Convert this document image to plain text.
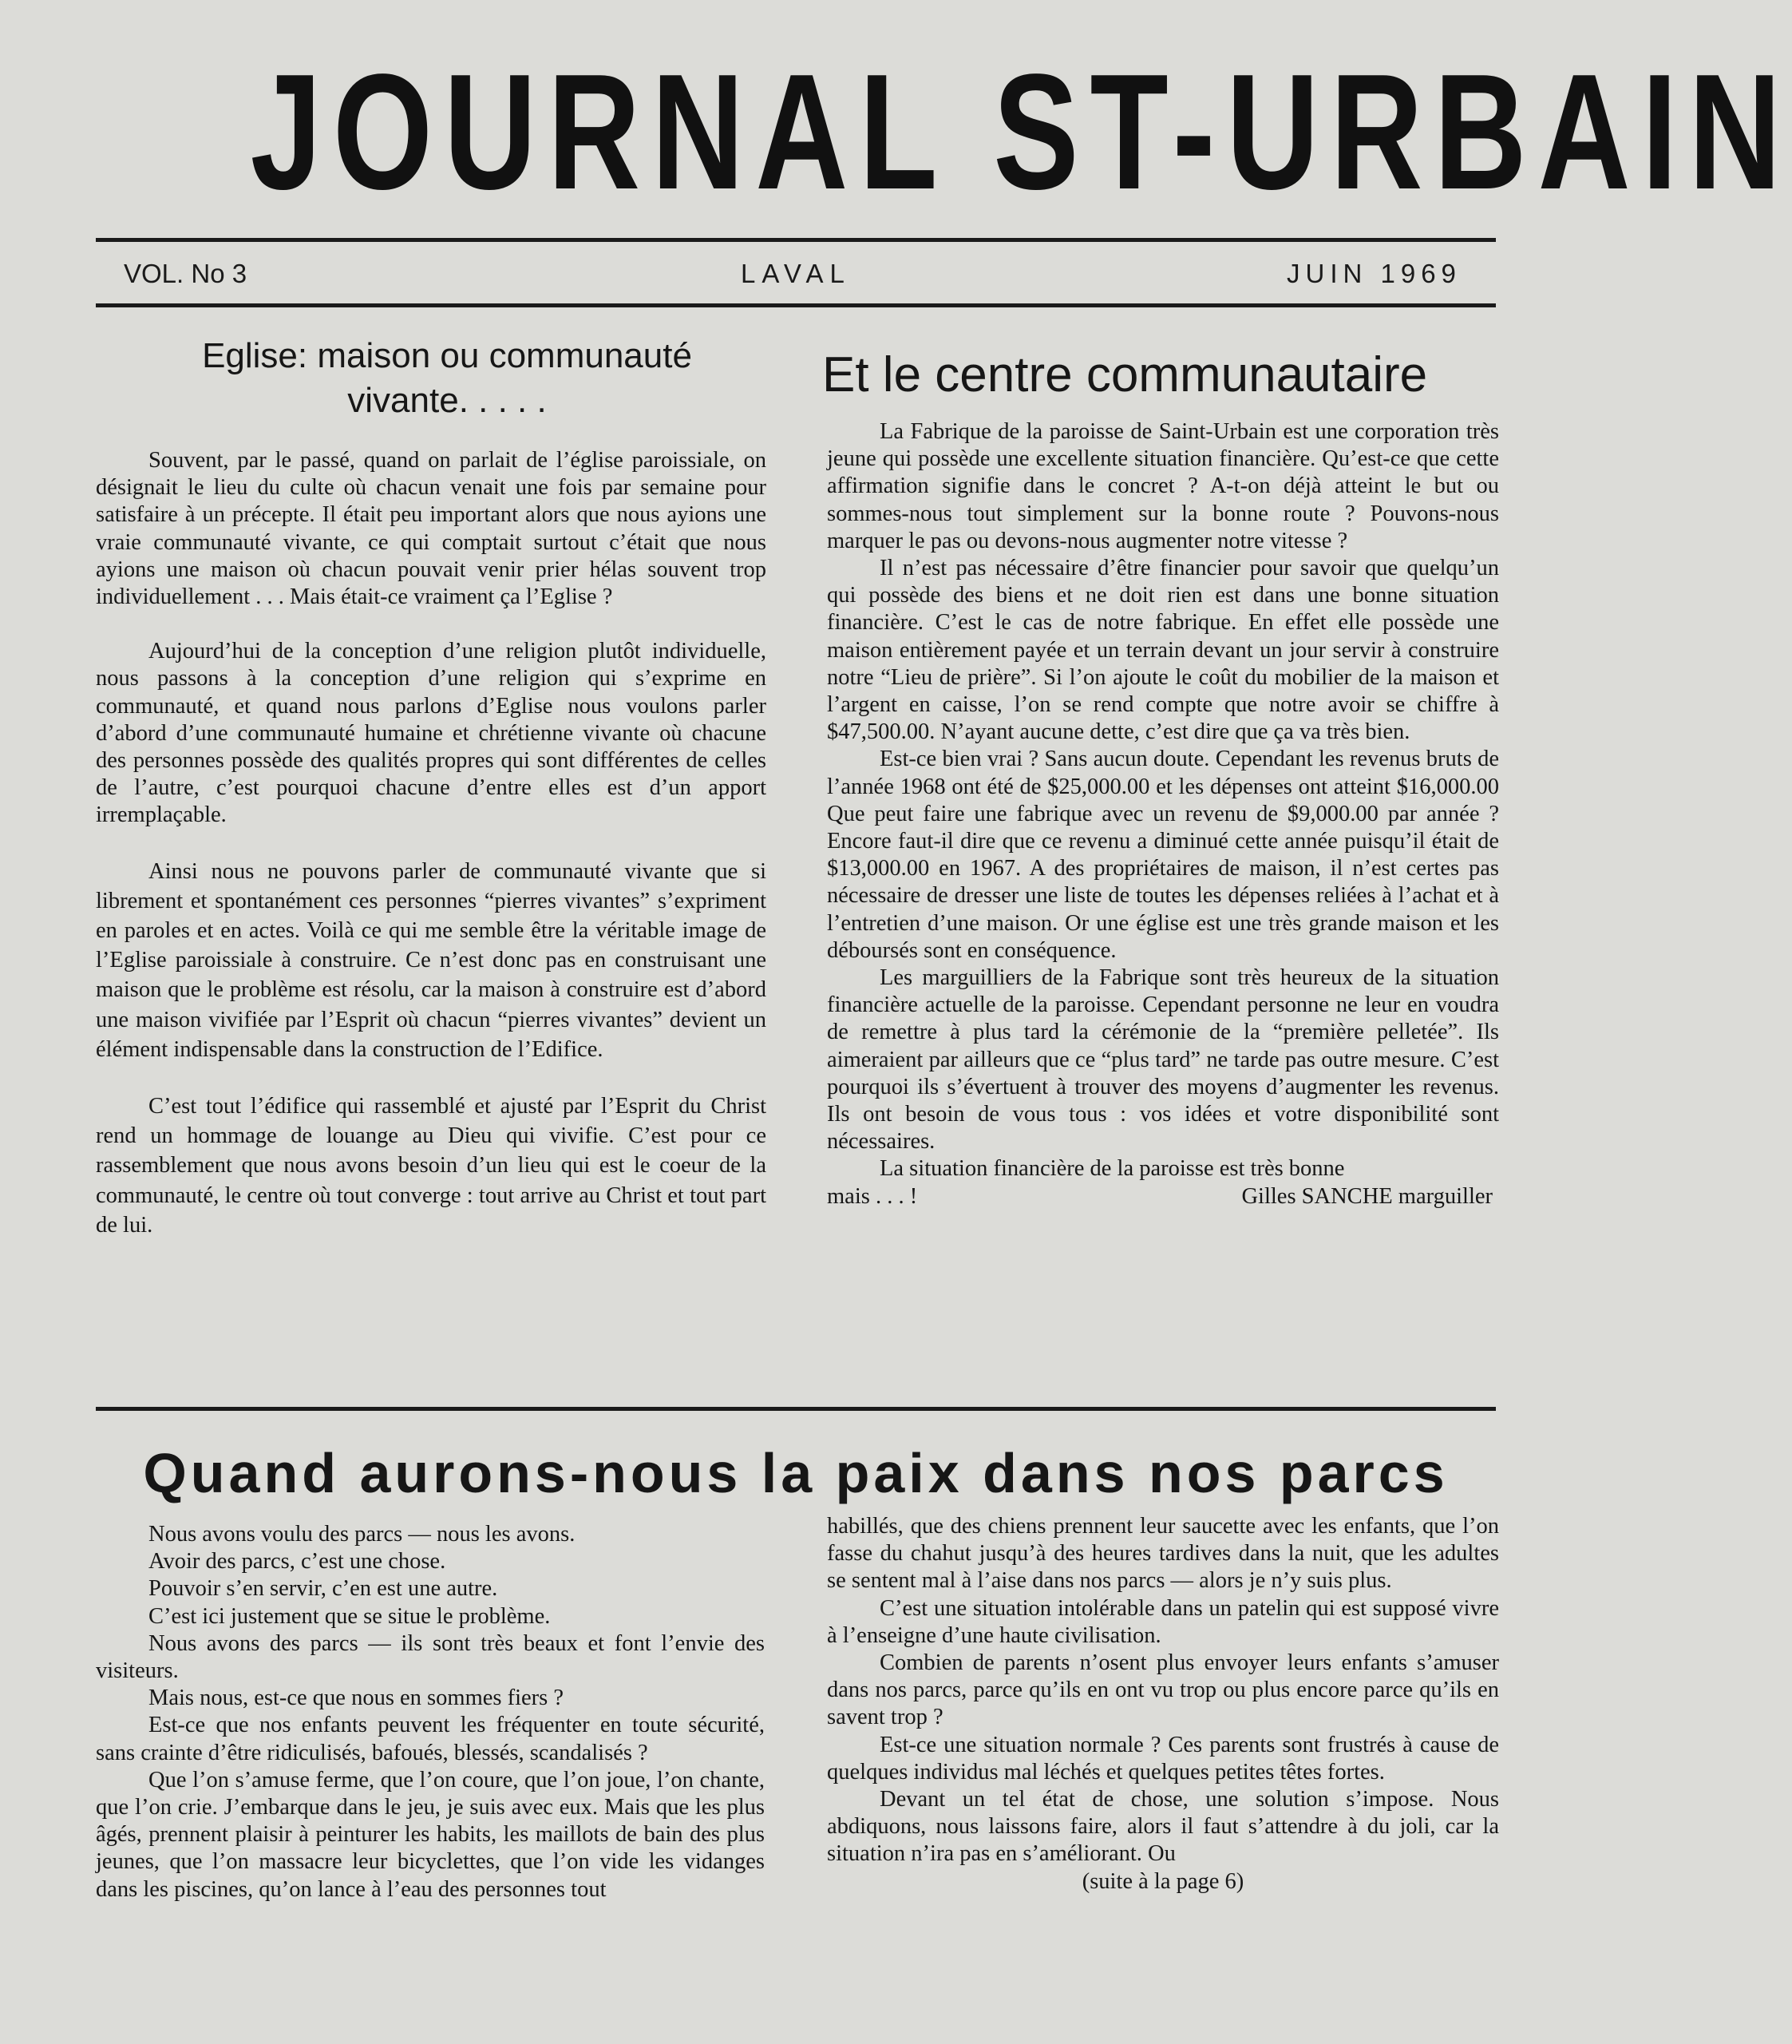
JOURNAL ST-URBAIN
VOL. No 3	LAVAL	JUIN 1969
Eglise: maison ou communauté
vivante. . . . .

Souvent, par le passé, quand on parlait de l’église paroissiale, on désignait le lieu du culte où chacun venait une fois par semaine pour satisfaire à un précepte. Il était peu important alors que nous ayions une vraie communauté vivante, ce qui comptait surtout c’était que nous ayions une maison où chacun pouvait venir prier hélas souvent trop individuellement . . . Mais était-ce vraiment ça l’Eglise ?

Aujourd’hui de la conception d’une religion plutôt individuelle, nous passons à la conception d’une religion qui s’exprime en communauté, et quand nous parlons d’Eglise nous voulons parler d’abord d’une communauté humaine et chrétienne vivante où chacune des personnes possède des qualités propres qui sont différentes de celles de l’autre, c’est pourquoi chacune d’entre elles est d’un apport irremplaçable.

Ainsi nous ne pouvons parler de communauté vivante que si librement et spontanément ces personnes “pierres vivantes” s’expriment en paroles et en actes. Voilà ce qui me semble être la véritable image de l’Eglise paroissiale à construire. Ce n’est donc pas en construisant une maison que le problème est résolu, car la maison à construire est d’abord une maison vivifiée par l’Esprit où chacun “pierres vivantes” devient un élément indispensable dans la construction de l’Edifice.

C’est tout l’édifice qui rassemblé et ajusté par l’Esprit du Christ rend un hommage de louange au Dieu qui vivifie. C’est pour ce rassemblement que nous avons besoin d’un lieu qui est le coeur de la communauté, le centre où tout converge : tout arrive au Christ et tout part de lui.

Et le centre communautaire

La Fabrique de la paroisse de Saint-Urbain est une corporation très jeune qui possède une excellente situation financière. Qu’est-ce que cette affirmation signifie dans le concret ? A-t-on déjà atteint le but ou sommes-nous tout simplement sur la bonne route ? Pouvons-nous marquer le pas ou devons-nous augmenter notre vitesse ?

Il n’est pas nécessaire d’être financier pour savoir que quelqu’un qui possède des biens et ne doit rien est dans une bonne situation financière. C’est le cas de notre fabrique. En effet elle possède une maison entièrement payée et un terrain devant un jour servir à construire notre “Lieu de prière”. Si l’on ajoute le coût du mobilier de la maison et l’argent en caisse, l’on se rend compte que notre avoir se chiffre à $47,500.00. N’ayant aucune dette, c’est dire que ça va très bien.

Est-ce bien vrai ? Sans aucun doute. Cependant les revenus bruts de l’année 1968 ont été de $25,000.00 et les dépenses ont atteint $16,000.00 Que peut faire une fabrique avec un revenu de $9,000.00 par année ? Encore faut-il dire que ce revenu a diminué cette année puisqu’il était de $13,000.00 en 1967. A des propriétaires de maison, il n’est certes pas nécessaire de dresser une liste de toutes les dépenses reliées à l’achat et à l’entretien d’une maison. Or une église est une très grande maison et les déboursés sont en conséquence.

Les marguilliers de la Fabrique sont très heureux de la situation financière actuelle de la paroisse. Cependant personne ne leur en voudra de remettre à plus tard la cérémonie de la “première pelletée”. Ils aimeraient par ailleurs que ce “plus tard” ne tarde pas outre mesure. C’est pourquoi ils s’évertuent à trouver des moyens d’augmenter les revenus. Ils ont besoin de vous tous : vos idées et votre disponibilité sont nécessaires.

La situation financière de la paroisse est très bonne

mais . . . !	Gilles SANCHE marguiller

Quand aurons-nous la paix dans nos parcs

Nous avons voulu des parcs — nous les avons.

Avoir des parcs, c’est une chose.

Pouvoir s’en servir, c’en est une autre.

C’est ici justement que se situe le problème.

Nous avons des parcs — ils sont très beaux et font l’envie des visiteurs.

Mais nous, est-ce que nous en sommes fiers ?

Est-ce que nos enfants peuvent les fréquenter en toute sécurité, sans crainte d’être ridiculisés, bafoués, blessés, scandalisés ?

Que l’on s’amuse ferme, que l’on coure, que l’on joue, l’on chante, que l’on crie. J’embarque dans le jeu, je suis avec eux. Mais que les plus âgés, prennent plaisir à peinturer les habits, les maillots de bain des plus jeunes, que l’on massacre leur bicyclettes, que l’on vide les vidanges dans les piscines, qu’on lance à l’eau des personnes tout

habillés, que des chiens prennent leur saucette avec les enfants, que l’on fasse du chahut jusqu’à des heures tardives dans la nuit, que les adultes se sentent mal à l’aise dans nos parcs — alors je n’y suis plus.

C’est une situation intolérable dans un patelin qui est supposé vivre à l’enseigne d’une haute civilisation.

Combien de parents n’osent plus envoyer leurs enfants s’amuser dans nos parcs, parce qu’ils en ont vu trop ou plus encore parce qu’ils en savent trop ?

Est-ce une situation normale ? Ces parents sont frustrés à cause de quelques individus mal léchés et quelques petites têtes fortes.

Devant un tel état de chose, une solution s’impose. Nous abdiquons, nous laissons faire, alors il faut s’attendre à du joli, car la situation n’ira pas en s’améliorant. Ou

(suite à la page 6)
